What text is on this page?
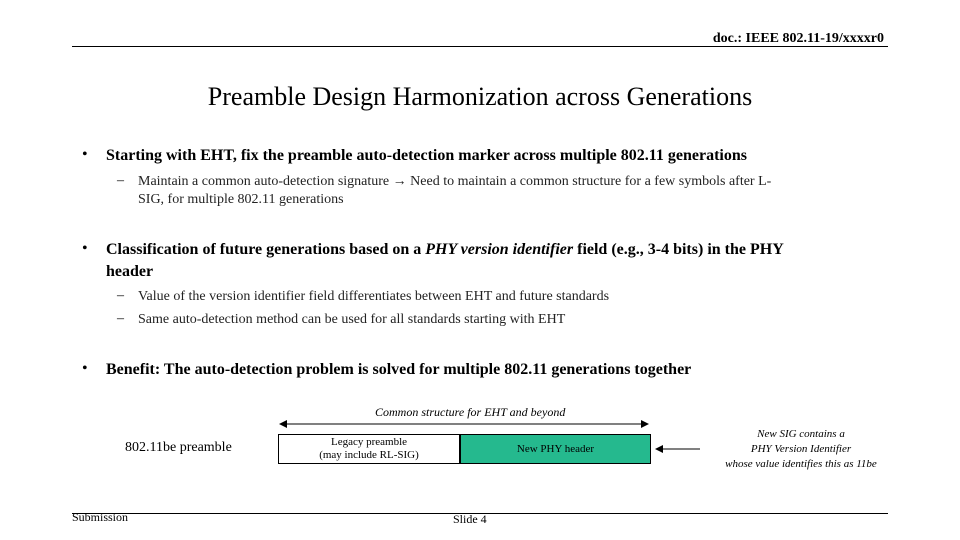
doc.: IEEE 802.11-19/xxxxr0
Preamble Design Harmonization across Generations
• Starting with EHT, fix the preamble auto-detection marker across multiple 802.11 generations
– Maintain a common auto-detection signature → Need to maintain a common structure for a few symbols after L-
SIG, for multiple 802.11 generations
• Classification of future generations based on a PHY version identifier field (e.g., 3-4 bits) in the PHY
header
– Value of the version identifier field differentiates between EHT and future standards
– Same auto-detection method can be used for all standards starting with EHT
• Benefit: The auto-detection problem is solved for multiple 802.11 generations together
Common structure for EHT and beyond
802.11be preamble	Legacy preamble
(may include RL-SIG)	New PHY header
New SIG contains a
PHY Version Identifier
whose value identifies this as 11be
Submission	Slide 4
